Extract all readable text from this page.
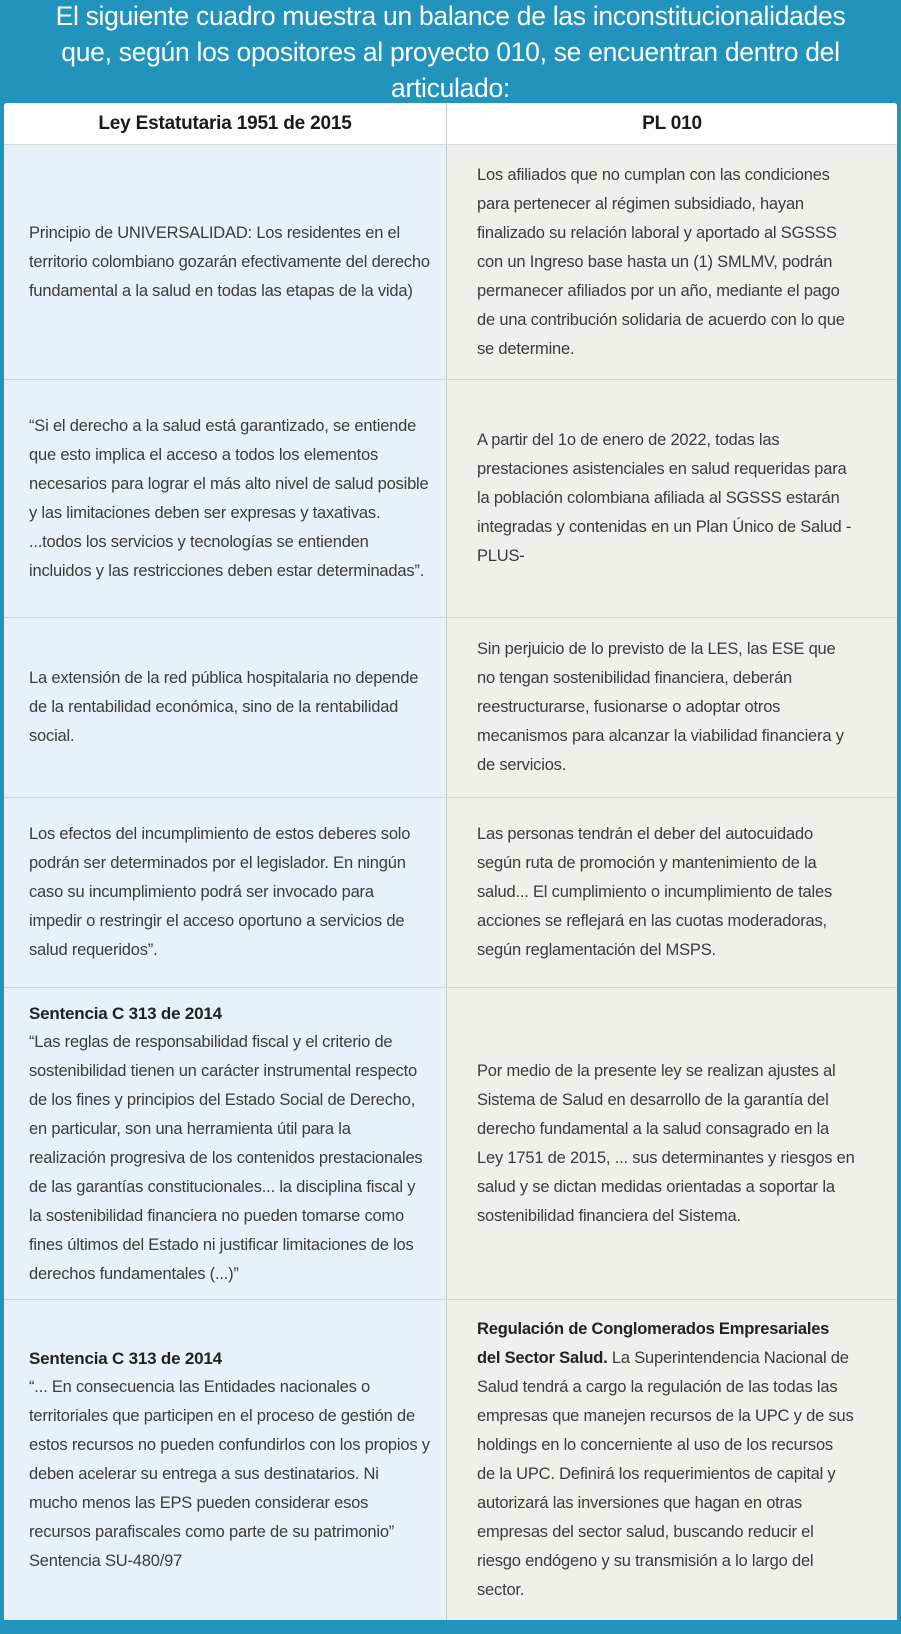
El siguiente cuadro muestra un balance de las inconstitucionalidades que, según los opositores al proyecto 010, se encuentran dentro del articulado:

Ley Estatutaria 1951 de 2015	PL 010

Principio de UNIVERSALIDAD: Los residentes en el territorio colombiano gozarán efectivamente del derecho fundamental a la salud en todas las etapas de la vida)

Los afiliados que no cumplan con las condiciones para pertenecer al régimen subsidiado, hayan finalizado su relación laboral y aportado al SGSSS con un Ingreso base hasta un (1) SMLMV, podrán permanecer afiliados por un año, mediante el pago de una contribución solidaria de acuerdo con lo que se determine.

“Si el derecho a la salud está garantizado, se entiende que esto implica el acceso a todos los elementos necesarios para lograr el más alto nivel de salud posible y las limitaciones deben ser expresas y taxativas. ...todos los servicios y tecnologías se entienden incluidos y las restricciones deben estar determinadas”.

A partir del 1o de enero de 2022, todas las prestaciones asistenciales en salud requeridas para la población colombiana afiliada al SGSSS estarán integradas y contenidas en un Plan Único de Salud -PLUS-

La extensión de la red pública hospitalaria no depende de la rentabilidad económica, sino de la rentabilidad social.

Sin perjuicio de lo previsto de la LES, las ESE que no tengan sostenibilidad financiera, deberán reestructurarse, fusionarse o adoptar otros mecanismos para alcanzar la viabilidad financiera y de servicios.

Los efectos del incumplimiento de estos deberes solo podrán ser determinados por el legislador. En ningún caso su incumplimiento podrá ser invocado para impedir o restringir el acceso oportuno a servicios de salud requeridos”.

Las personas tendrán el deber del autocuidado según ruta de promoción y mantenimiento de la salud... El cumplimiento o incumplimiento de tales acciones se reflejará en las cuotas moderadoras, según reglamentación del MSPS.

Sentencia C 313 de 2014

“Las reglas de responsabilidad fiscal y el criterio de sostenibilidad tienen un carácter instrumental respecto de los fines y principios del Estado Social de Derecho, en particular, son una herramienta útil para la realización progresiva de los contenidos prestacionales de las garantías constitucionales... la disciplina fiscal y la sostenibilidad financiera no pueden tomarse como fines últimos del Estado ni justificar limitaciones de los derechos fundamentales (...)”

Por medio de la presente ley se realizan ajustes al Sistema de Salud en desarrollo de la garantía del derecho fundamental a la salud consagrado en la Ley 1751 de 2015, ... sus determinantes y riesgos en salud y se dictan medidas orientadas a soportar la sostenibilidad financiera del Sistema.

Sentencia C 313 de 2014

“... En consecuencia las Entidades nacionales o territoriales que participen en el proceso de gestión de estos recursos no pueden confundirlos con los propios y deben acelerar su entrega a sus destinatarios. Ni mucho menos las EPS pueden considerar esos recursos parafiscales como parte de su patrimonio” Sentencia SU-480/97

Regulación de Conglomerados Empresariales del Sector Salud. La Superintendencia Nacional de Salud tendrá a cargo la regulación de las todas las empresas que manejen recursos de la UPC y de sus holdings en lo concerniente al uso de los recursos de la UPC. Definirá los requerimientos de capital y autorizará las inversiones que hagan en otras empresas del sector salud, buscando reducir el riesgo endógeno y su transmisión a lo largo del sector.
